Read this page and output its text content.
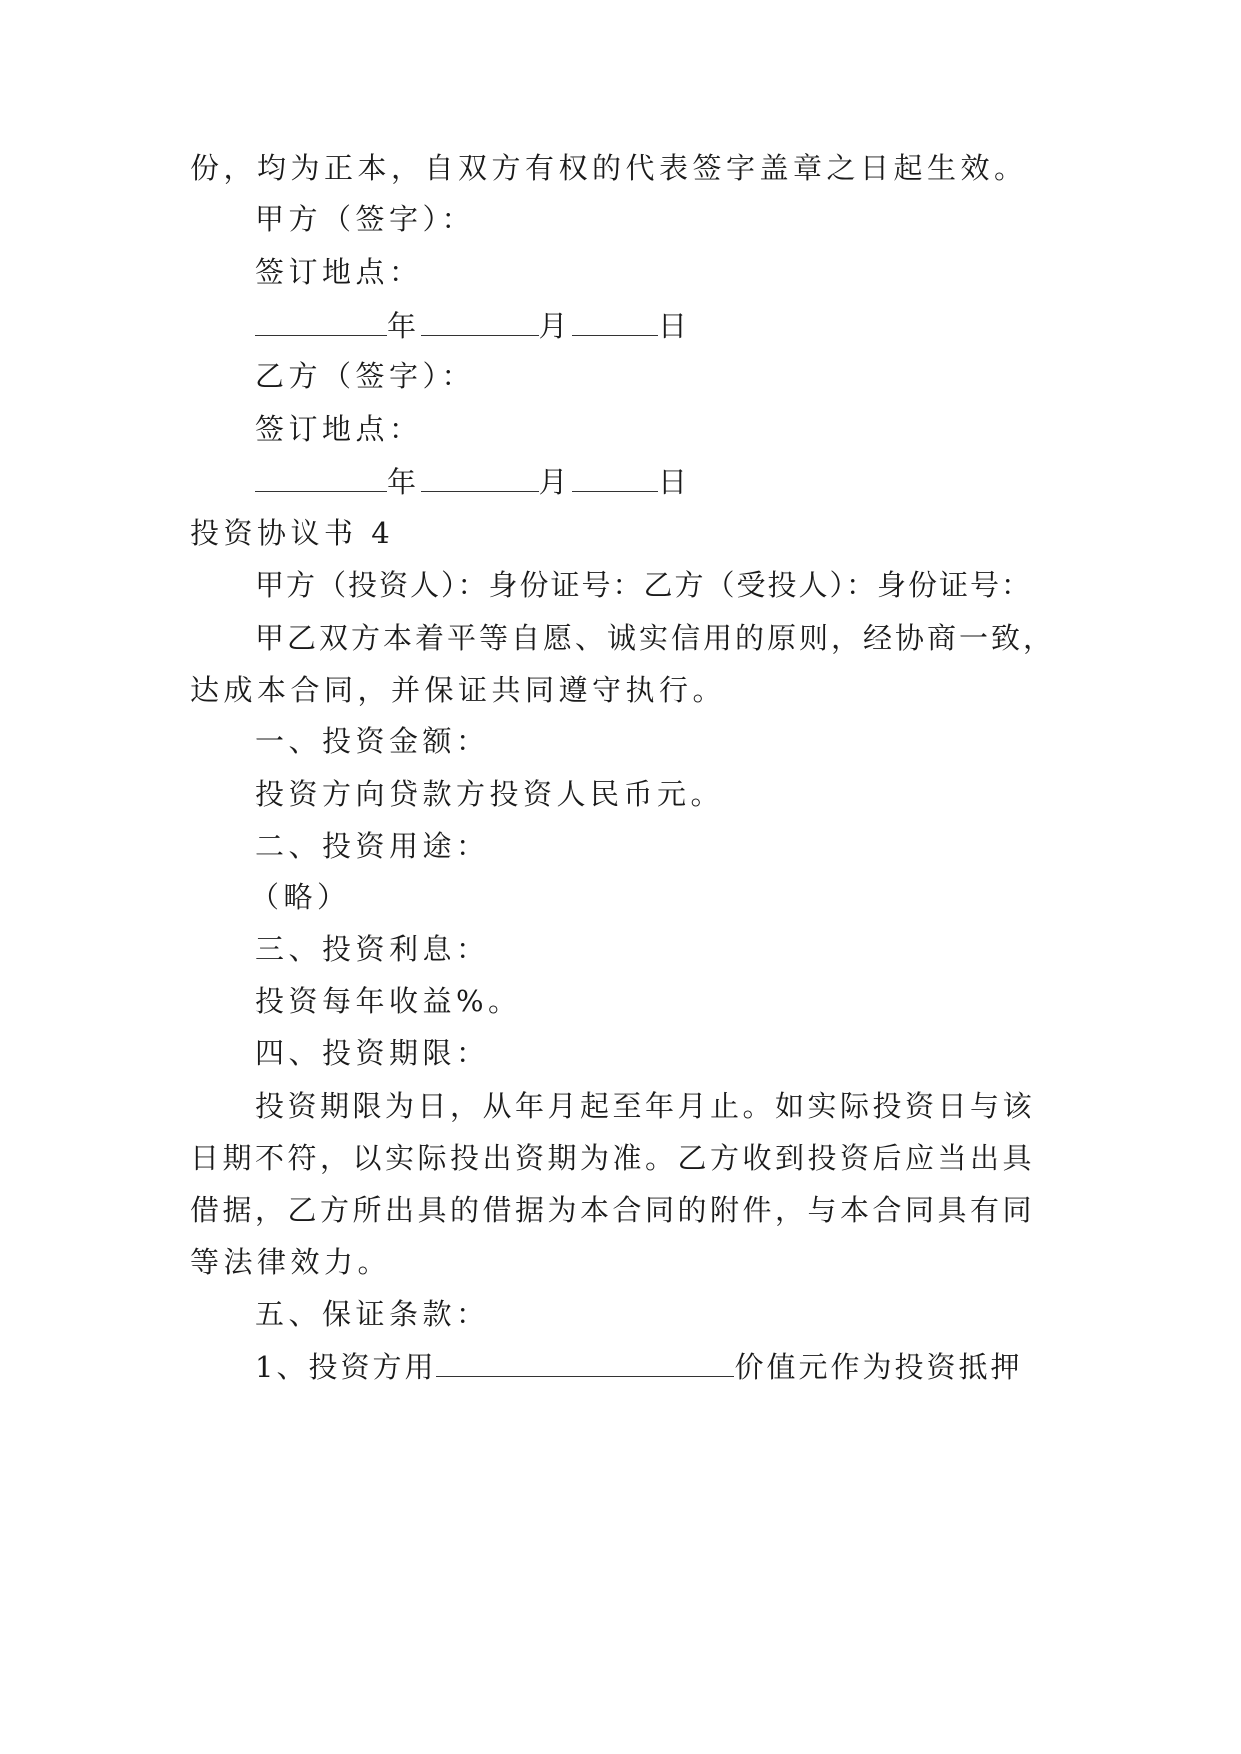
份，均为正本，自双方有权的代表签字盖章之日起生效。
甲方（签字）：
签订地点：
年	月	日
乙方（签字）：
签订地点：
年	月	日
投资协议书 4
甲方（投资人）：身份证号：乙方（受投人）：身份证号：
甲乙双方本着平等自愿、诚实信用的原则，经协商一致，
达成本合同，并保证共同遵守执行。
一、投资金额：
投资方向贷款方投资人民币元。
二、投资用途：
（略）
三、投资利息：
投资每年收益%。
四、投资期限：
投资期限为日，从年月起至年月止。如实际投资日与该
日期不符，以实际投出资期为准。乙方收到投资后应当出具
借据，乙方所出具的借据为本合同的附件，与本合同具有同
等法律效力。
五、保证条款：
1、投资方用	价值元作为投资抵押
